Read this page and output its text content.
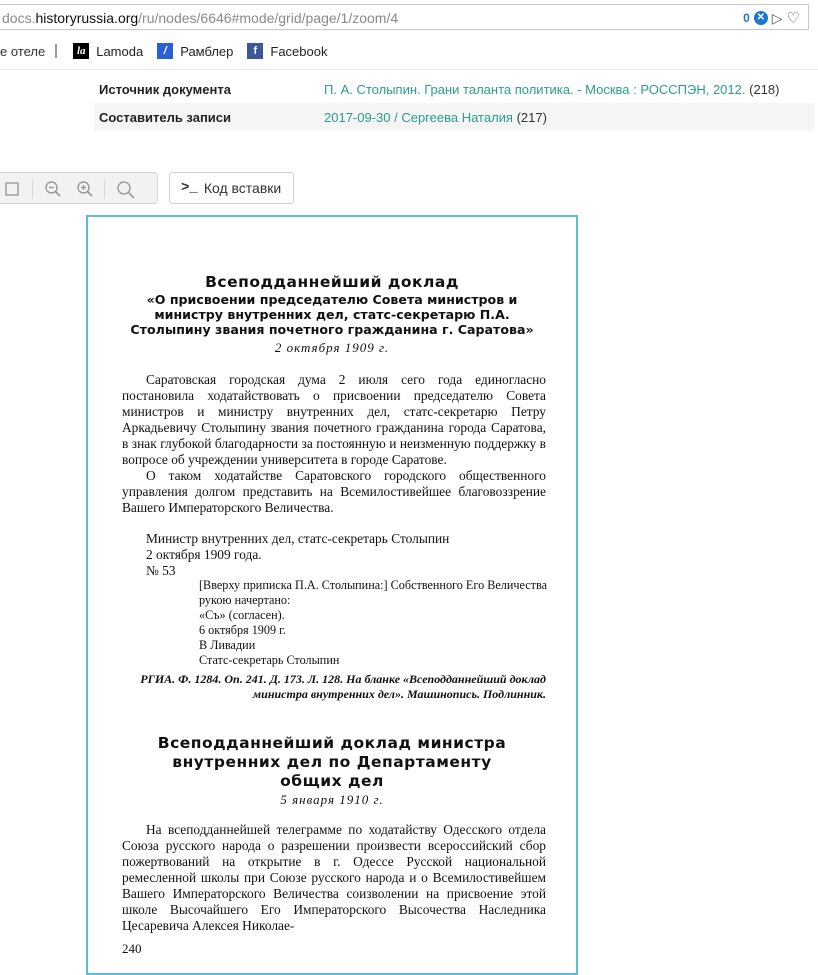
docs.historyrussia.org/ru/nodes/6646#mode/grid/page/1/zoom/4	0 ✕ ▷ ♡
е отеле	la Lamoda	/	Рамблер	f	Facebook
Источник документа	П. А. Столыпин. Грани таланта политика. - Москва : РОССПЭН, 2012. (218)
Составитель записи	2017-09-30 / Сергеева Наталия (217)
>_ Код вставки
Всеподданнейший доклад
«О присвоении председателю Совета министров и министру внутренних дел, статс-секретарю П.А. Столыпину звания почетного гражданина г. Саратова»
2 октября 1909 г.

Саратовская городская дума 2 июля сего года единогласно постановила ходатайствовать о присвоении председателю Совета министров и министру внутренних дел, статс-секретарю Петру Аркадьевичу Столыпину звания почетного гражданина города Саратова, в знак глубокой благодарности за постоянную и неизменную поддержку в вопросе об учреждении университета в городе Саратове.

О таком ходатайстве Саратовского городского общественного управления долгом представить на Всемилостивейшее благовоззрение Вашего Императорского Величества.

Министр внутренних дел, статс-секретарь Столыпин
2 октября 1909 года.
№ 53
[Вверху приписка П.А. Столыпина:] Собственного Его Величества рукою начертано:
«Съ» (согласен).
6 октября 1909 г.
В Ливадии
Статс-секретарь Столыпин
РГИА. Ф. 1284. Оп. 241. Д. 173. Л. 128. На бланке «Всеподданнейший доклад министра внутренних дел». Машинопись. Подлинник.
Всеподданнейший доклад министра
внутренних дел по Департаменту
общих дел
5 января 1910 г.

На всеподданнейшей телеграмме по ходатайству Одесского отдела Союза русского народа о разрешении произвести всероссийский сбор пожертвований на открытие в г. Одессе Русской национальной ремесленной школы при Союзе русского народа и о Всемилостивейшем Вашего Императорского Величества соизволении на присвоение этой школе Высочайшего Его Императорского Высочества Наследника Цесаревича Алексея Николае-

240
